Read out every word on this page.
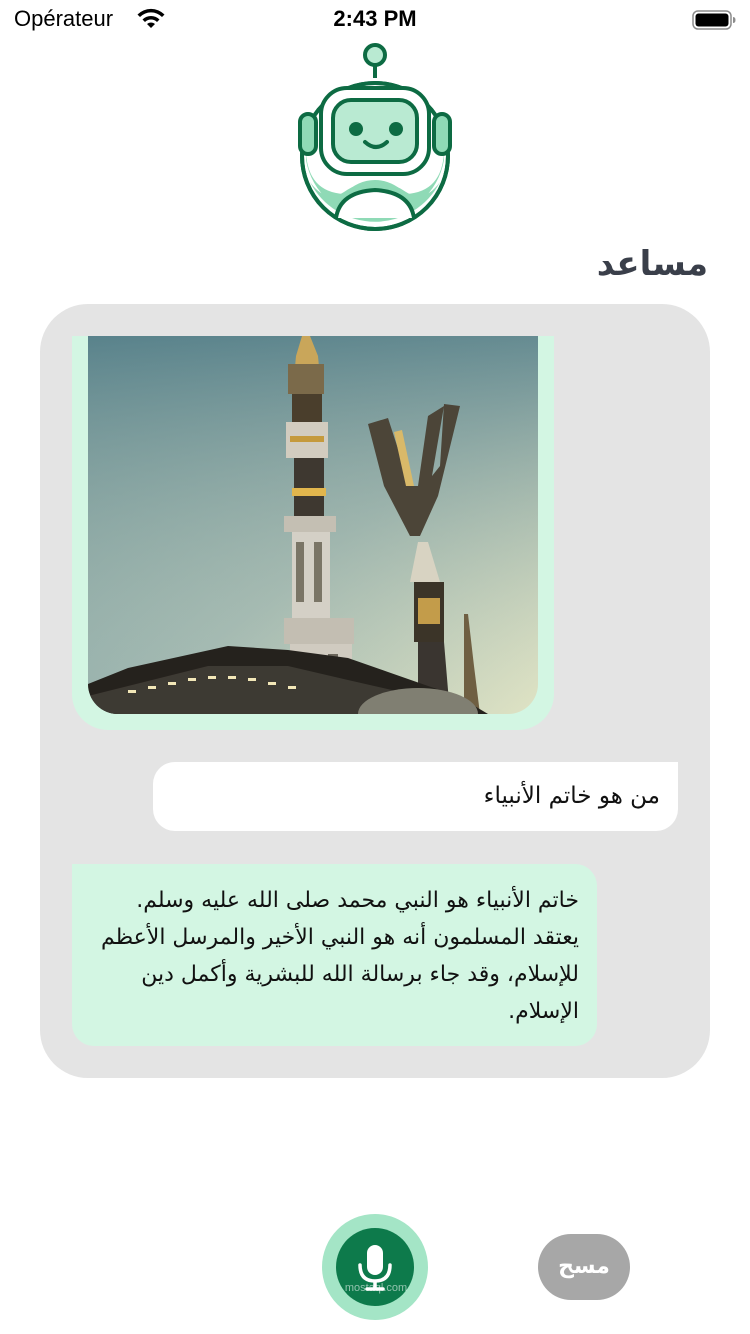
Opérateur	2:43 PM
مساعد
من هو خاتم الأنبياء
خاتم الأنبياء هو النبي محمد صلى الله عليه وسلم. يعتقد المسلمون أنه هو النبي الأخير والمرسل الأعظم للإسلام، وقد جاء برسالة الله للبشرية وأكمل دين الإسلام.
mostaql.com
مسح
